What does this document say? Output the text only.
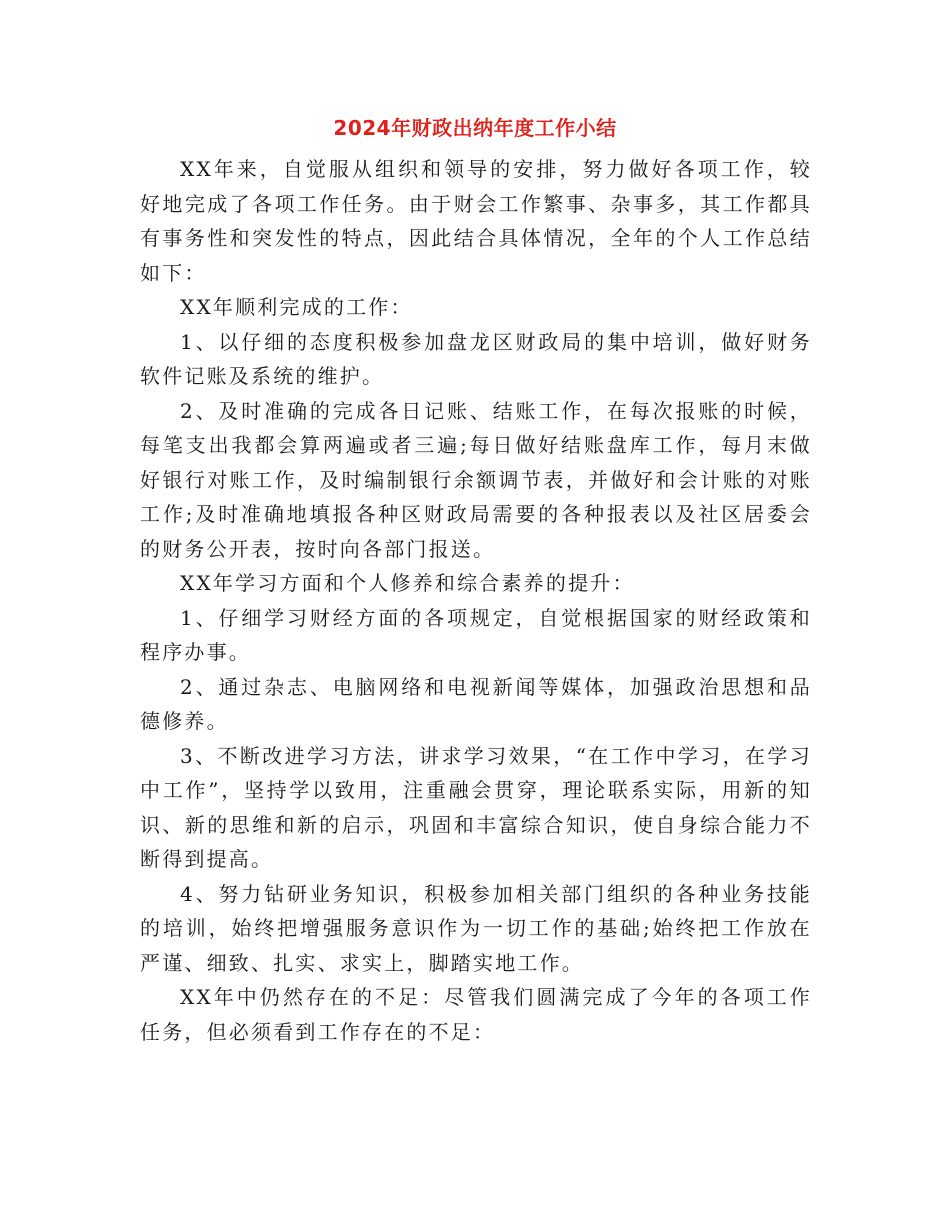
2024年财政出纳年度工作小结

XX年来，自觉服从组织和领导的安排，努力做好各项工作，较好地完成了各项工作任务。由于财会工作繁事、杂事多，其工作都具有事务性和突发性的特点，因此结合具体情况，全年的个人工作总结如下：

XX年顺利完成的工作：

1、以仔细的态度积极参加盘龙区财政局的集中培训，做好财务软件记账及系统的维护。

2、及时准确的完成各日记账、结账工作，在每次报账的时候，每笔支出我都会算两遍或者三遍;每日做好结账盘库工作，每月末做好银行对账工作，及时编制银行余额调节表，并做好和会计账的对账工作;及时准确地填报各种区财政局需要的各种报表以及社区居委会的财务公开表，按时向各部门报送。

XX年学习方面和个人修养和综合素养的提升：

1、仔细学习财经方面的各项规定，自觉根据国家的财经政策和程序办事。

2、通过杂志、电脑网络和电视新闻等媒体，加强政治思想和品德修养。

3、不断改进学习方法，讲求学习效果，“在工作中学习，在学习中工作”，坚持学以致用，注重融会贯穿，理论联系实际，用新的知识、新的思维和新的启示，巩固和丰富综合知识，使自身综合能力不断得到提高。

4、努力钻研业务知识，积极参加相关部门组织的各种业务技能的培训，始终把增强服务意识作为一切工作的基础;始终把工作放在严谨、细致、扎实、求实上，脚踏实地工作。

XX年中仍然存在的不足：尽管我们圆满完成了今年的各项工作任务，但必须看到工作存在的不足：
